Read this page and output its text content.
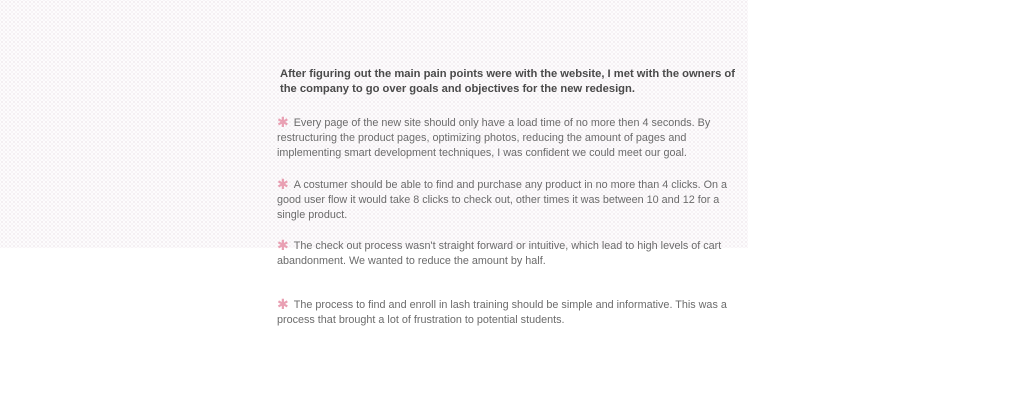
After figuring out the main pain points were with the website, I met with the owners of the company to go over goals and objectives for the new redesign.

✱ Every page of the new site should only have a load time of no more then 4 seconds. By restructuring the product pages, optimizing photos, reducing the amount of pages and implementing smart development techniques, I was confident we could meet our goal.
✱ A costumer should be able to find and purchase any product in no more than 4 clicks. On a good user flow it would take 8 clicks to check out, other times it was between 10 and 12 for a single product.
✱ The check out process wasn't straight forward or intuitive, which lead to high levels of cart abandonment. We wanted to reduce the amount by half.
✱ The process to find and enroll in lash training should be simple and informative. This was a process that brought a lot of frustration to potential students.
